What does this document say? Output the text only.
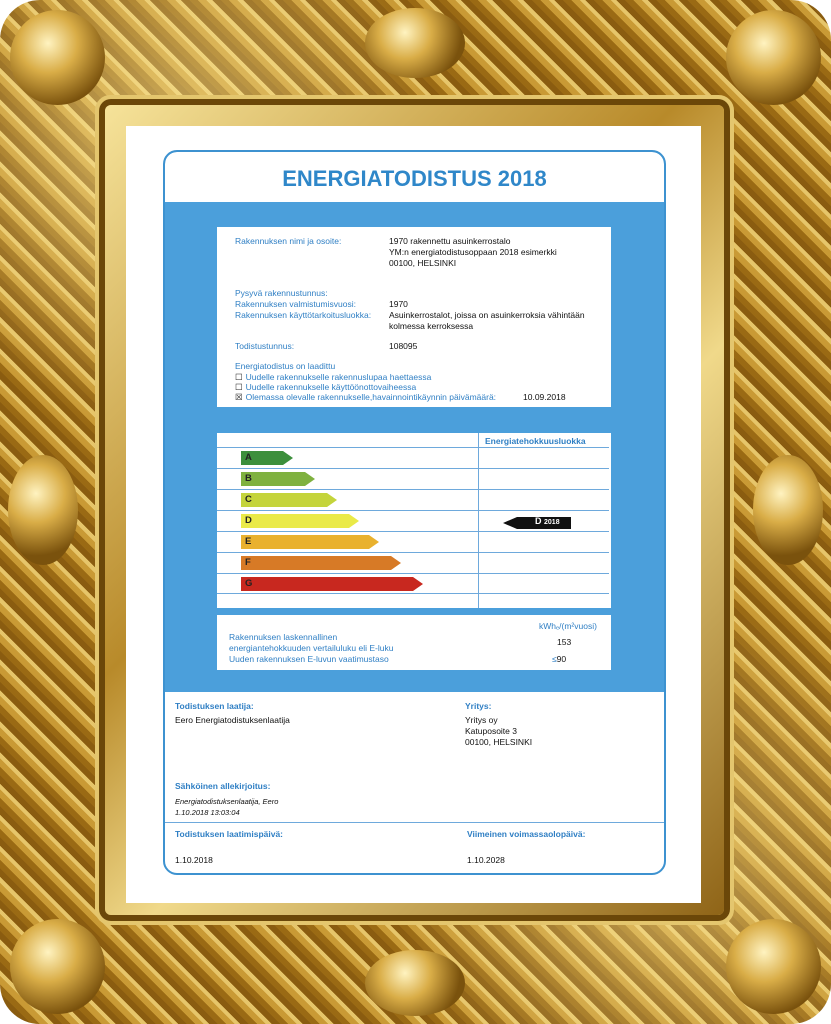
ENERGIATODISTUS 2018
Rakennuksen nimi ja osoite:	1970 rakennettu asuinkerrostalo
YM:n energiatodistusoppaan 2018 esimerkki
00100, HELSINKI
Pysyvä rakennustunnus:
Rakennuksen valmistumisvuosi:	1970
Rakennuksen käyttötarkoitusluokka: Asuinkerrostalot, joissa on asuinkerroksia vähintään kolmessa kerroksessa
Todistustunnus:	108095
Energiatodistus on laadittu
☐ Uudelle rakennukselle rakennuslupaa haettaessa
☐ Uudelle rakennukselle käyttöönottovaiheessa
☒ Olemassa olevalle rakennukselle,havainnointikäynnin päivämäärä:	10.09.2018
Energiatehokkuusluokka
A
B
C
D
E
F
G
D 2018
kWhₑ/(m²vuosi)
Rakennuksen laskennallinen
energiantehokkuuden vertailuluku eli E-luku
153
Uuden rakennuksen E-luvun vaatimustaso	≤90
Todistuksen laatija:
Eero Energiatodistuksenlaatija
Yritys:
Yritys oy
Katuposoite 3
00100, HELSINKI
Sähköinen allekirjoitus:
Energiatodistuksenlaatija, Eero
1.10.2018 13:03:04
Todistuksen laatimispäivä:
1.10.2018
Viimeinen voimassaolopäivä:
1.10.2028
